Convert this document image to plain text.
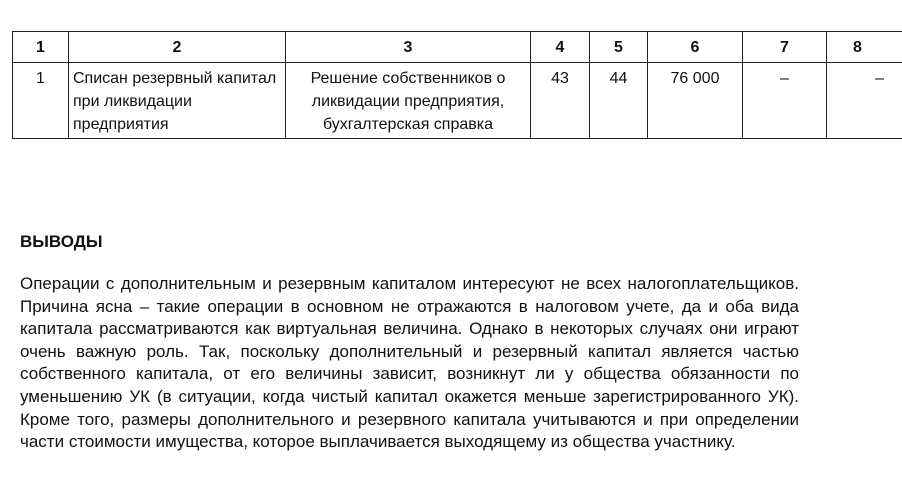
1	2	3	4	5	6	7	8
1	Списан резервный капитал при ликвидации предприятия	Решение собственников о ликвидации предприятия, бухгалтерская справка	43	44	76 000	–	–
ВЫВОДЫ

Операции с дополнительным и резервным капиталом интересуют не всех налогоплательщиков. Причина ясна – такие операции в основном не отражаются в налоговом учете, да и оба вида капитала рассматриваются как виртуальная величина. Однако в некоторых случаях они играют очень важную роль. Так, поскольку дополнительный и резервный капитал является частью собственного капитала, от его величины зависит, возникнут ли у общества обязанности по уменьшению УК (в ситуации, когда чистый капитал окажется меньше зарегистрированного УК). Кроме того, размеры дополнительного и резервного капитала учитываются и при определении части стоимости имущества, которое выплачивается выходящему из общества участнику.
